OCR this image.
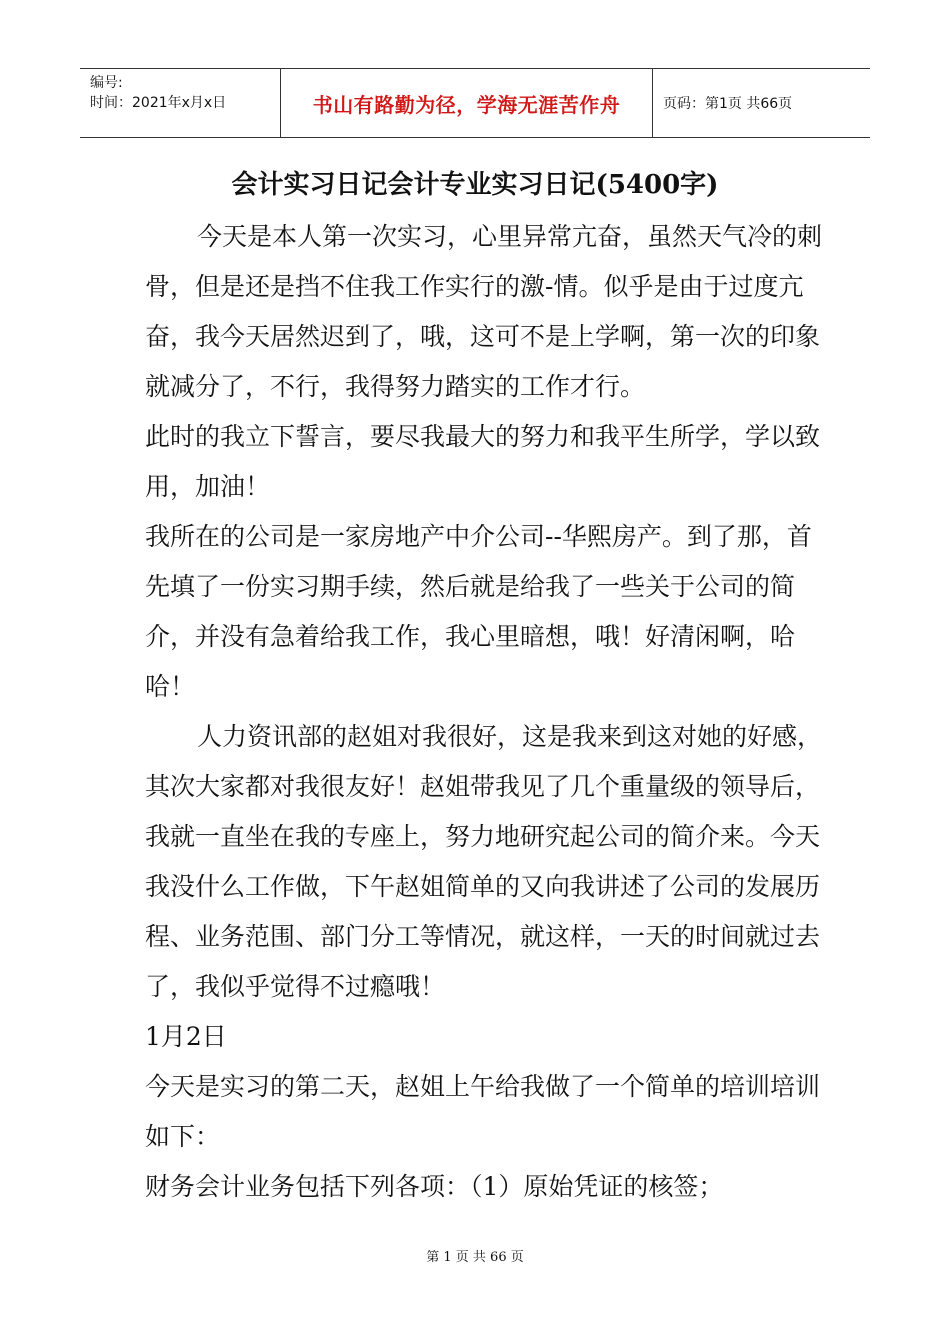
编号:
时间：2021年x月x日	书山有路勤为径，学海无涯苦作舟	页码：第1页 共66页
会计实习日记会计专业实习日记(5400字)

今天是本人第一次实习，心里异常亢奋，虽然天气冷的刺骨，但是还是挡不住我工作实行的激-情。似乎是由于过度亢奋，我今天居然迟到了，哦，这可不是上学啊，第一次的印象就减分了，不行，我得努力踏实的工作才行。

此时的我立下誓言，要尽我最大的努力和我平生所学，学以致用，加油！

我所在的公司是一家房地产中介公司--华熙房产。到了那，首先填了一份实习期手续，然后就是给我了一些关于公司的简介，并没有急着给我工作，我心里暗想，哦！好清闲啊，哈哈！

人力资讯部的赵姐对我很好，这是我来到这对她的好感，其次大家都对我很友好！赵姐带我见了几个重量级的领导后，我就一直坐在我的专座上，努力地研究起公司的简介来。今天我没什么工作做，下午赵姐简单的又向我讲述了公司的发展历程、业务范围、部门分工等情况，就这样，一天的时间就过去了，我似乎觉得不过瘾哦！

1月2日

今天是实习的第二天，赵姐上午给我做了一个简单的培训培训如下：

财务会计业务包括下列各项：（1）原始凭证的核签；

第 1 页 共 66 页
